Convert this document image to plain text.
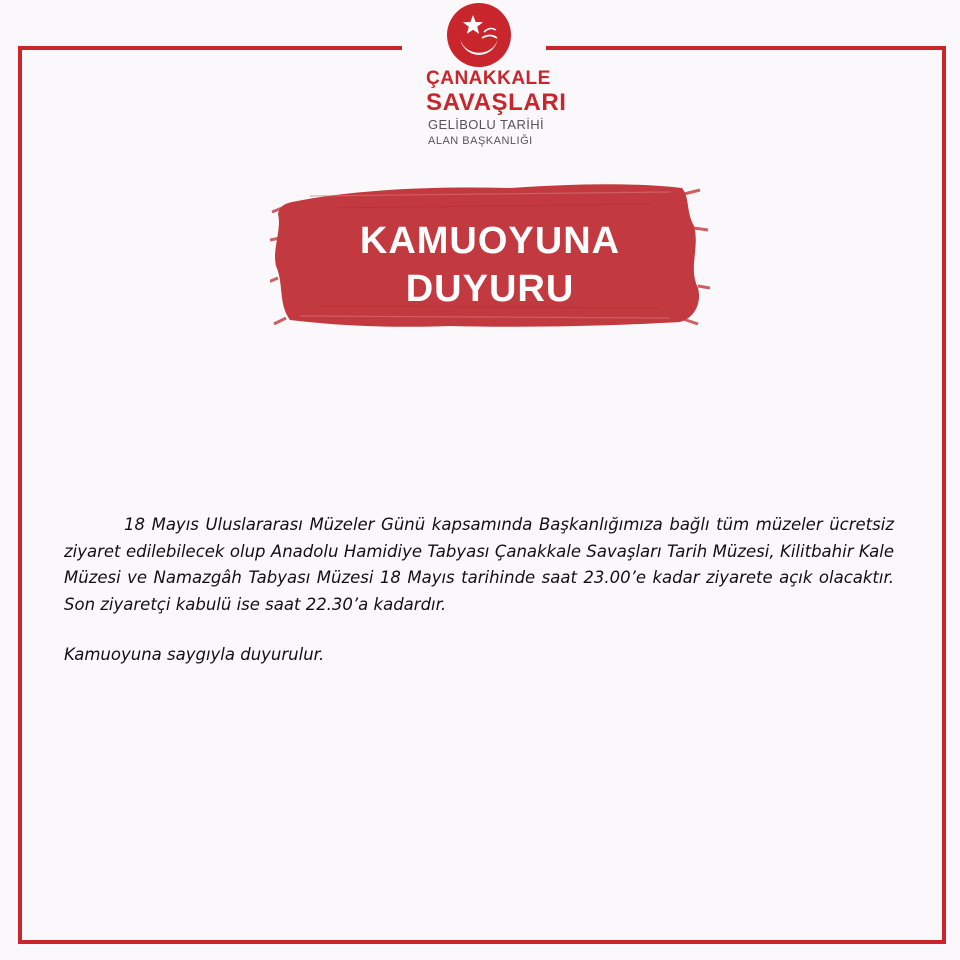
ÇANAKKALE
SAVAŞLARI
GELİBOLU TARİHİ
ALAN BAŞKANLIĞI
KAMUOYUNA
DUYURU

18 Mayıs Uluslararası Müzeler Günü kapsamında Başkanlığımıza bağlı tüm müzeler ücretsiz ziyaret edilebilecek olup Anadolu Hamidiye Tabyası Çanakkale Savaşları Tarih Müzesi, Kilitbahir Kale Müzesi ve Namazgâh Tabyası Müzesi 18 Mayıs tarihinde saat 23.00’e kadar ziyarete açık olacaktır. Son ziyaretçi kabulü ise saat 22.30’a kadardır.

Kamuoyuna saygıyla duyurulur.
